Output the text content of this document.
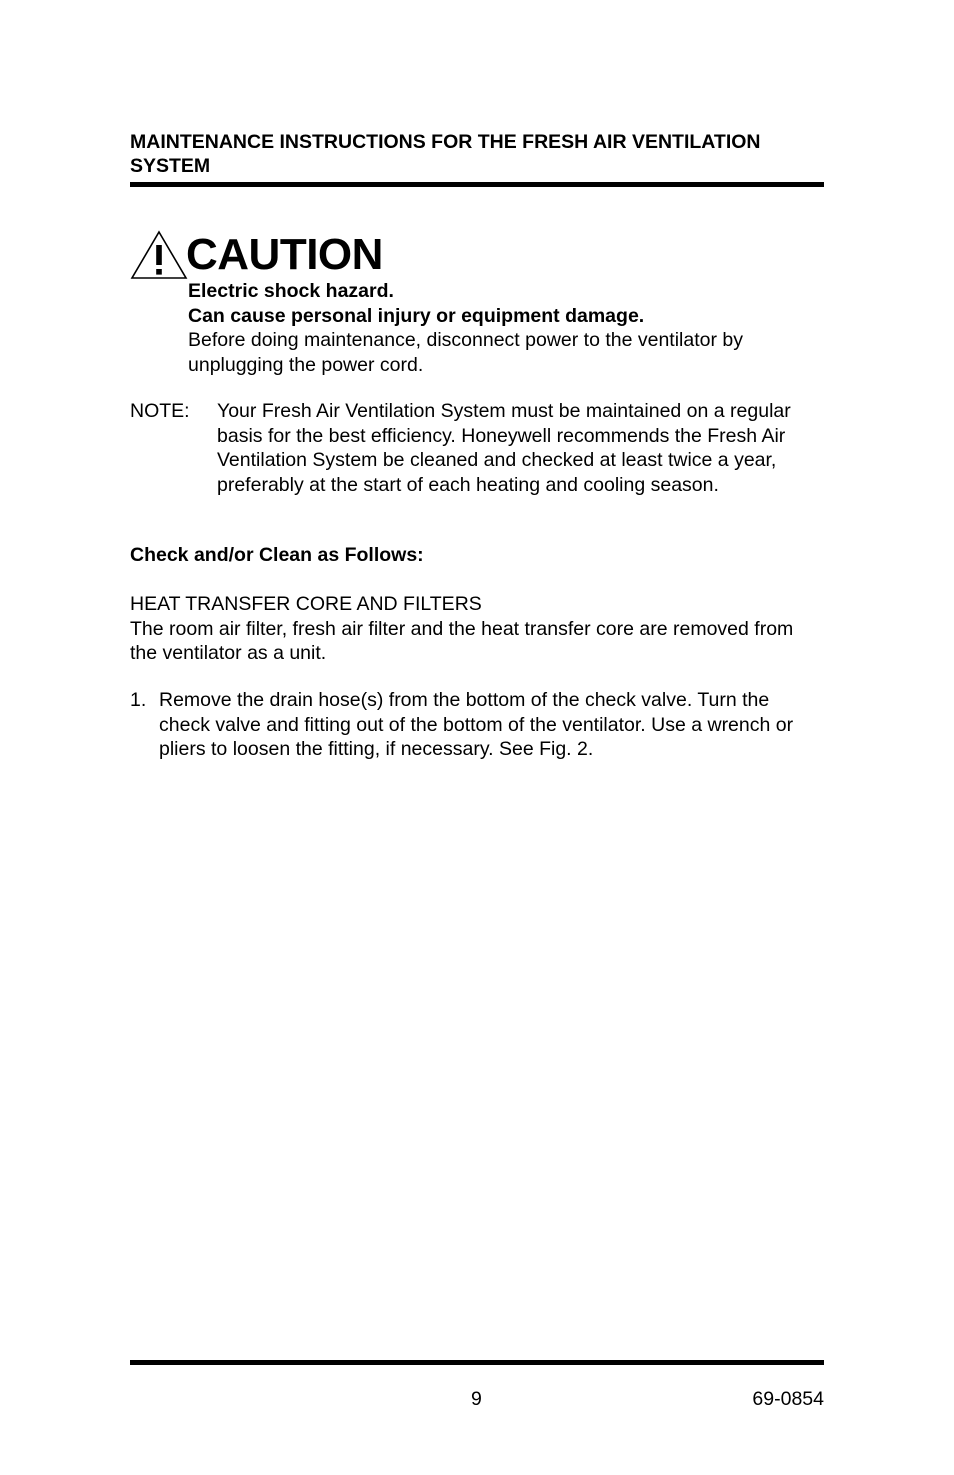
MAINTENANCE INSTRUCTIONS FOR THE FRESH AIR VENTILATION SYSTEM
CAUTION
Electric shock hazard.
Can cause personal injury or equipment damage.
Before doing maintenance, disconnect power to the ventilator by unplugging the power cord.
NOTE: Your Fresh Air Ventilation System must be maintained on a regular basis for the best efficiency. Honeywell recommends the Fresh Air Ventilation System be cleaned and checked at least twice a year, preferably at the start of each heating and cooling season.
Check and/or Clean as Follows:
HEAT TRANSFER CORE AND FILTERS
The room air filter, fresh air filter and the heat transfer core are removed from the ventilator as a unit.
1. Remove the drain hose(s) from the bottom of the check valve. Turn the check valve and fitting out of the bottom of the ventilator. Use a wrench or pliers to loosen the fitting, if necessary. See Fig. 2.
9	69-0854
